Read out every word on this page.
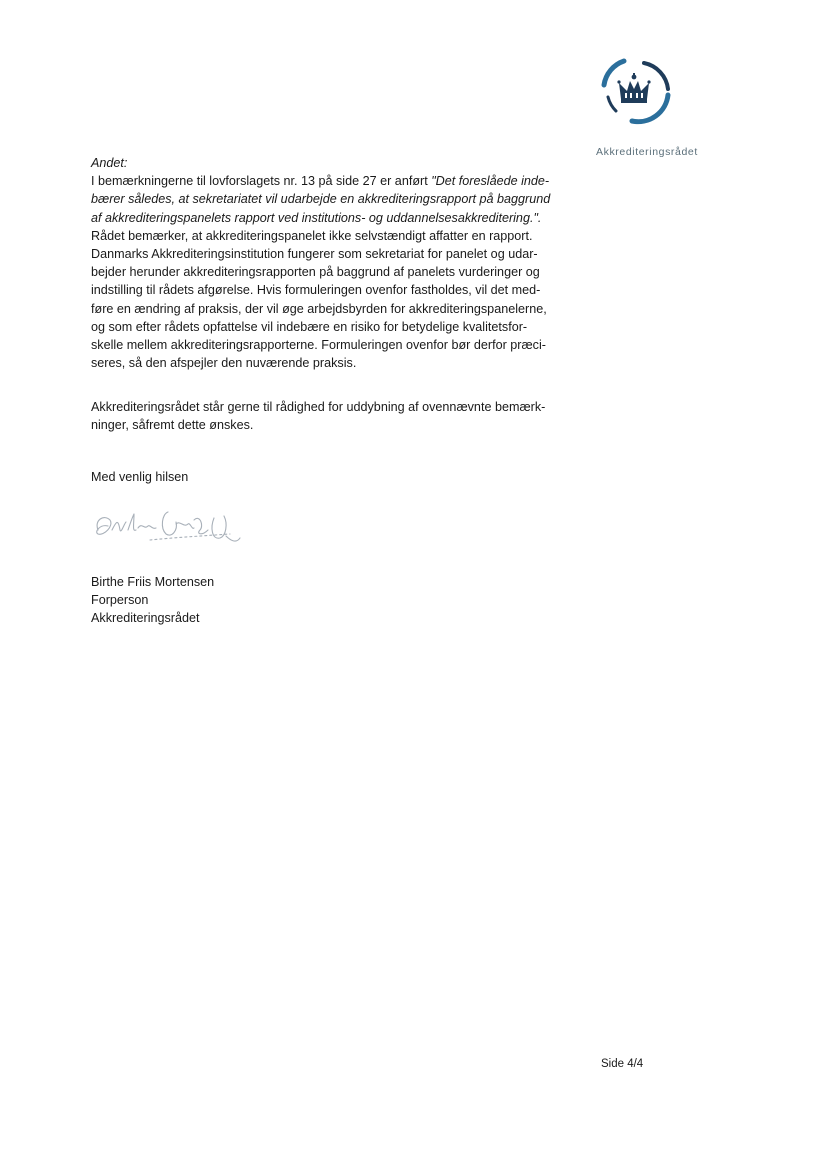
Akkrediteringsrådet
Andet:
I bemærkningerne til lovforslagets nr. 13 på side 27 er anført "Det foreslåede inde-
bærer således, at sekretariatet vil udarbejde en akkrediteringsrapport på baggrund
af akkrediteringspanelets rapport ved institutions- og uddannelsesakkreditering.".
Rådet bemærker, at akkrediteringspanelet ikke selvstændigt affatter en rapport.
Danmarks Akkrediteringsinstitution fungerer som sekretariat for panelet og udar-
bejder herunder akkrediteringsrapporten på baggrund af panelets vurderinger og
indstilling til rådets afgørelse. Hvis formuleringen ovenfor fastholdes, vil det med-
føre en ændring af praksis, der vil øge arbejdsbyrden for akkrediteringspanelerne,
og som efter rådets opfattelse vil indebære en risiko for betydelige kvalitetsfor-
skelle mellem akkrediteringsrapporterne. Formuleringen ovenfor bør derfor præci-
seres, så den afspejler den nuværende praksis.
Akkrediteringsrådet står gerne til rådighed for uddybning af ovennævnte bemærk-
ninger, såfremt dette ønskes.
Med venlig hilsen
Birthe Friis Mortensen
Forperson
Akkrediteringsrådet
Side 4/4
